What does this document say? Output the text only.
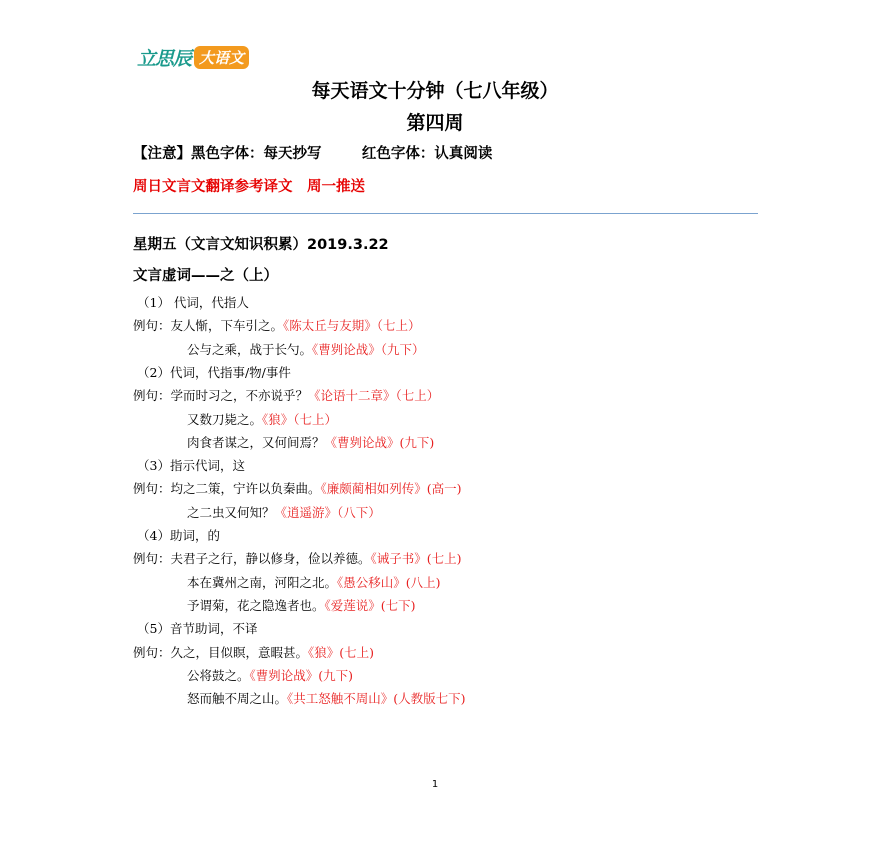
立思辰 大语文
每天语文十分钟（七八年级）
第四周
【注意】黑色字体：每天抄写	红色字体：认真阅读
周日文言文翻译参考译文　周一推送
星期五（文言文知识积累）2019.3.22
文言虚词——之（上）
（1） 代词，代指人
例句：友人惭，下车引之。《陈太丘与友期》（七上）
公与之乘，战于长勺。《曹刿论战》（九下）
（2）代词，代指事/物/事件
例句：学而时习之，不亦说乎？《论语十二章》（七上）
又数刀毙之。《狼》（七上）
肉食者谋之，又何间焉？《曹刿论战》(九下)
（3）指示代词，这
例句：均之二策，宁许以负秦曲。《廉颇蔺相如列传》(高一)
之二虫又何知？《逍遥游》（八下）
（4）助词，的
例句：夫君子之行，静以修身，俭以养德。《诫子书》(七上)
本在冀州之南，河阳之北。《愚公移山》(八上)
予谓菊，花之隐逸者也。《爱莲说》(七下)
（5）音节助词，不译
例句：久之，目似瞑，意暇甚。《狼》(七上)
公将鼓之。《曹刿论战》(九下)
怒而触不周之山。《共工怒触不周山》(人教版七下)
1
